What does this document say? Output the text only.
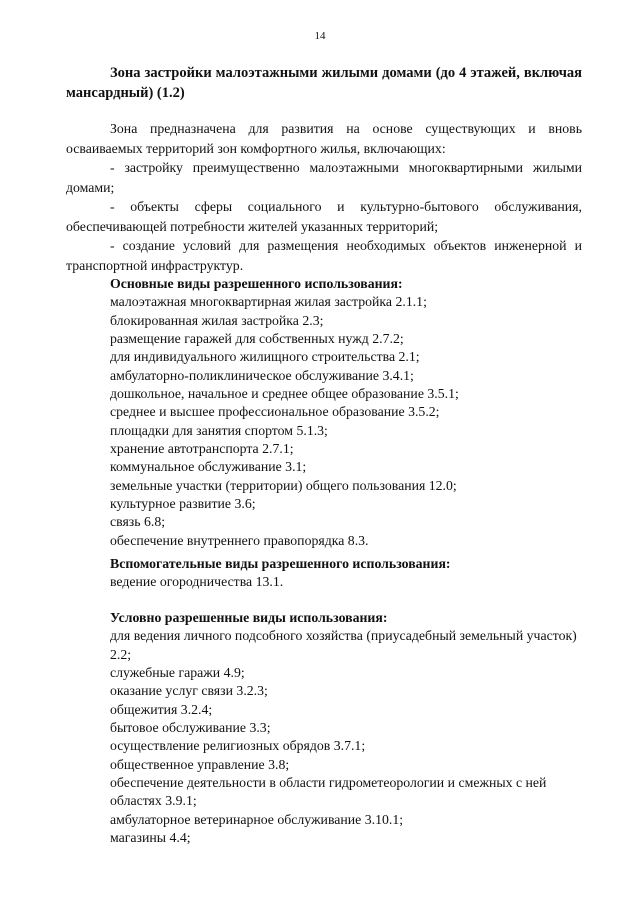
14
Зона застройки малоэтажными жилыми домами (до 4 этажей, включая мансардный) (1.2)

Зона предназначена для развития на основе существующих и вновь осваиваемых территорий зон комфортного жилья, включающих:

- застройку преимущественно малоэтажными многоквартирными жилыми домами;

- объекты сферы социального и культурно-бытового обслуживания, обеспечивающей потребности жителей указанных территорий;

- создание условий для размещения необходимых объектов инженерной и транспортной инфраструктур.

Основные виды разрешенного использования:

малоэтажная многоквартирная жилая застройка 2.1.1;

блокированная жилая застройка 2.3;

размещение гаражей для собственных нужд 2.7.2;

для индивидуального жилищного строительства 2.1;

амбулаторно-поликлиническое обслуживание 3.4.1;

дошкольное, начальное и среднее общее образование 3.5.1;

среднее и высшее профессиональное образование 3.5.2;

площадки для занятия спортом 5.1.3;

хранение автотранспорта 2.7.1;

коммунальное обслуживание 3.1;

земельные участки (территории) общего пользования 12.0;

культурное развитие 3.6;

связь 6.8;

обеспечение внутреннего правопорядка 8.3.

Вспомогательные виды разрешенного использования:

ведение огородничества 13.1.

Условно разрешенные виды использования:

для ведения личного подсобного хозяйства (приусадебный земельный участок) 2.2;

служебные гаражи 4.9;

оказание услуг связи 3.2.3;

общежития 3.2.4;

бытовое обслуживание 3.3;

осуществление религиозных обрядов 3.7.1;

общественное управление 3.8;

обеспечение деятельности в области гидрометеорологии и смежных с ней областях 3.9.1;

амбулаторное ветеринарное обслуживание 3.10.1;

магазины 4.4;
